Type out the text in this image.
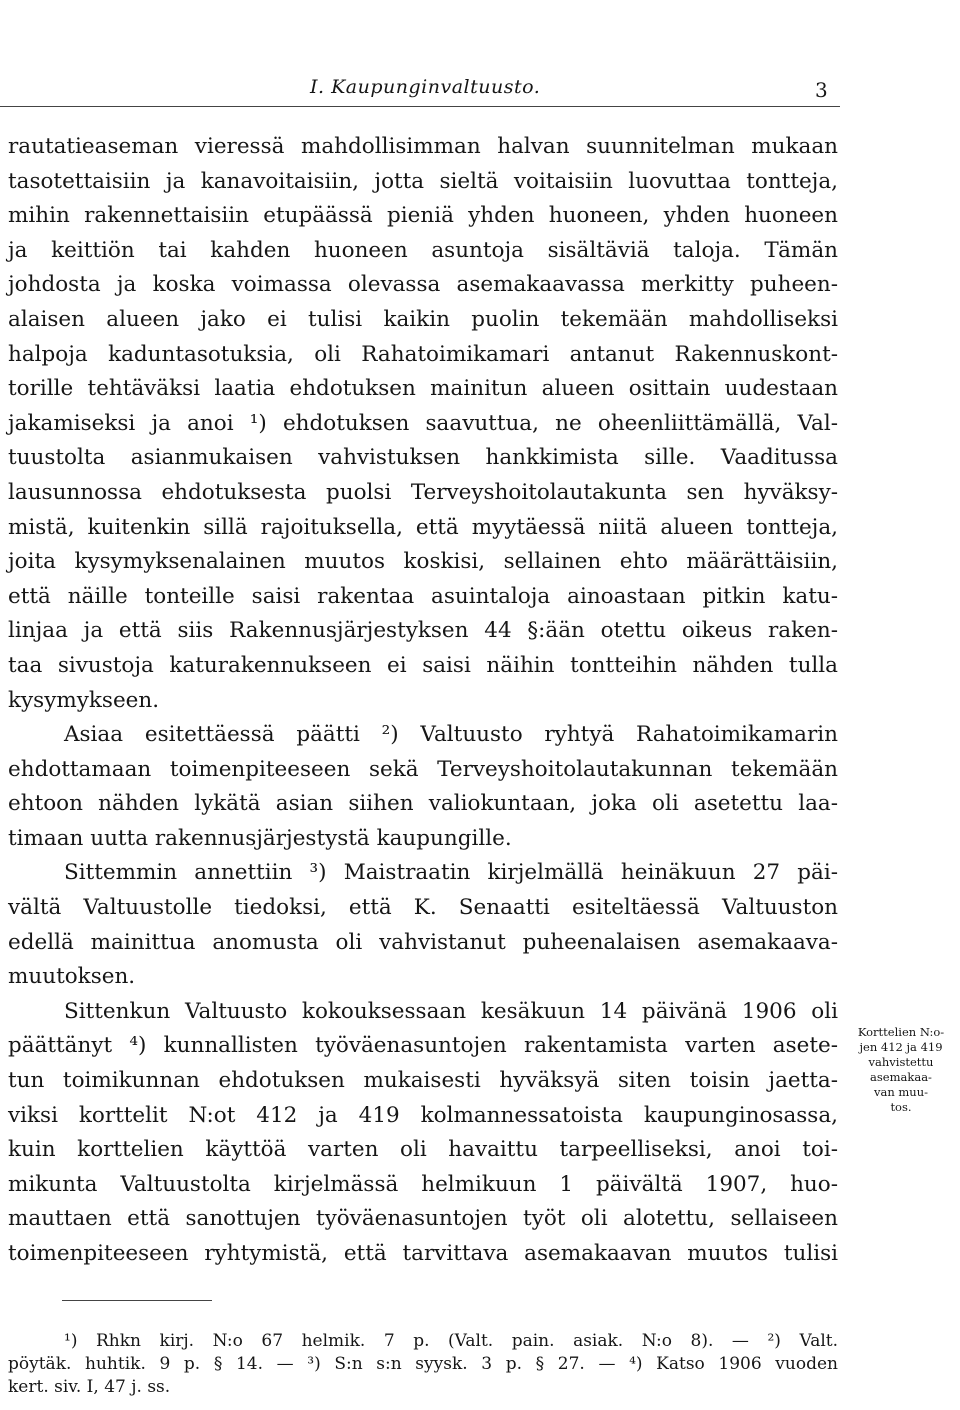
I. Kaupunginvaltuusto.	3
rautatieaseman vieressä mahdollisimman halvan suunnitelman mukaan
tasotettaisiin ja kanavoitaisiin, jotta sieltä voitaisiin luovuttaa tontteja,
mihin rakennettaisiin etupäässä pieniä yhden huoneen, yhden huoneen
ja keittiön tai kahden huoneen asuntoja sisältäviä taloja. Tämän
johdosta ja koska voimassa olevassa asemakaavassa merkitty puheen-
alaisen alueen jako ei tulisi kaikin puolin tekemään mahdolliseksi
halpoja kaduntasotuksia, oli Rahatoimikamari antanut Rakennuskont-
torille tehtäväksi laatia ehdotuksen mainitun alueen osittain uudestaan
jakamiseksi ja anoi ¹) ehdotuksen saavuttua, ne oheenliittämällä, Val-
tuustolta asianmukaisen vahvistuksen hankkimista sille. Vaaditussa
lausunnossa ehdotuksesta puolsi Terveyshoitolautakunta sen hyväksy-
mistä, kuitenkin sillä rajoituksella, että myytäessä niitä alueen tontteja,
joita kysymyksenalainen muutos koskisi, sellainen ehto määrättäisiin,
että näille tonteille saisi rakentaa asuintaloja ainoastaan pitkin katu-
linjaa ja että siis Rakennusjärjestyksen 44 §:ään otettu oikeus raken-
taa sivustoja katurakennukseen ei saisi näihin tontteihin nähden tulla
kysymykseen.
Asiaa esitettäessä päätti ²) Valtuusto ryhtyä Rahatoimikamarin
ehdottamaan toimenpiteeseen sekä Terveyshoitolautakunnan tekemään
ehtoon nähden lykätä asian siihen valiokuntaan, joka oli asetettu laa-
timaan uutta rakennusjärjestystä kaupungille.
Sittemmin annettiin ³) Maistraatin kirjelmällä heinäkuun 27 päi-
vältä Valtuustolle tiedoksi, että K. Senaatti esiteltäessä Valtuuston
edellä mainittua anomusta oli vahvistanut puheenalaisen asemakaava-
muutoksen.
Sittenkun Valtuusto kokouksessaan kesäkuun 14 päivänä 1906 oli
päättänyt ⁴) kunnallisten työväenasuntojen rakentamista varten asete-
tun toimikunnan ehdotuksen mukaisesti hyväksyä siten toisin jaetta-
viksi korttelit N:ot 412 ja 419 kolmannessatoista kaupunginosassa,
kuin korttelien käyttöä varten oli havaittu tarpeelliseksi, anoi toi-
mikunta Valtuustolta kirjelmässä helmikuun 1 päivältä 1907, huo-
mauttaen että sanottujen työväenasuntojen työt oli alotettu, sellaiseen
toimenpiteeseen ryhtymistä, että tarvittava asemakaavan muutos tulisi
Korttelien N:o-
jen 412 ja 419
vahvistettu
asemakaa-
van muu-
tos.
¹) Rhkn kirj. N:o 67 helmik. 7 p. (Valt. pain. asiak. N:o 8). — ²) Valt.
pöytäk. huhtik. 9 p. § 14. — ³) S:n s:n syysk. 3 p. § 27. — ⁴) Katso 1906 vuoden
kert. siv. I, 47 j. ss.
